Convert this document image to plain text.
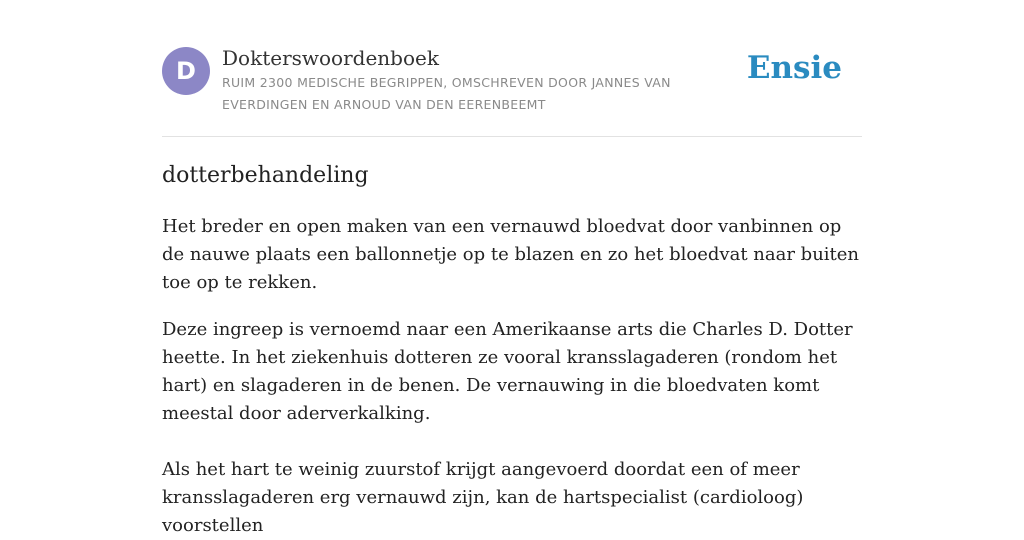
D	Dokterswoordenboek
RUIM 2300 MEDISCHE BEGRIPPEN, OMSCHREVEN DOOR JANNES VAN EVERDINGEN EN ARNOUD VAN DEN EERENBEEMT
Ensie
dotterbehandeling

Het breder en open maken van een vernauwd bloedvat door vanbinnen op de nauwe plaats een ballonnetje op te blazen en zo het bloedvat naar buiten toe op te rekken.

Deze ingreep is vernoemd naar een Amerikaanse arts die Charles D. Dotter heette. In het ziekenhuis dotteren ze vooral kransslagaderen (rondom het hart) en slagaderen in de benen. De vernauwing in die bloedvaten komt meestal door aderverkalking.

Als het hart te weinig zuurstof krijgt aangevoerd doordat een of meer kransslagaderen erg vernauwd zijn, kan de hartspecialist (cardioloog) voorstellen
